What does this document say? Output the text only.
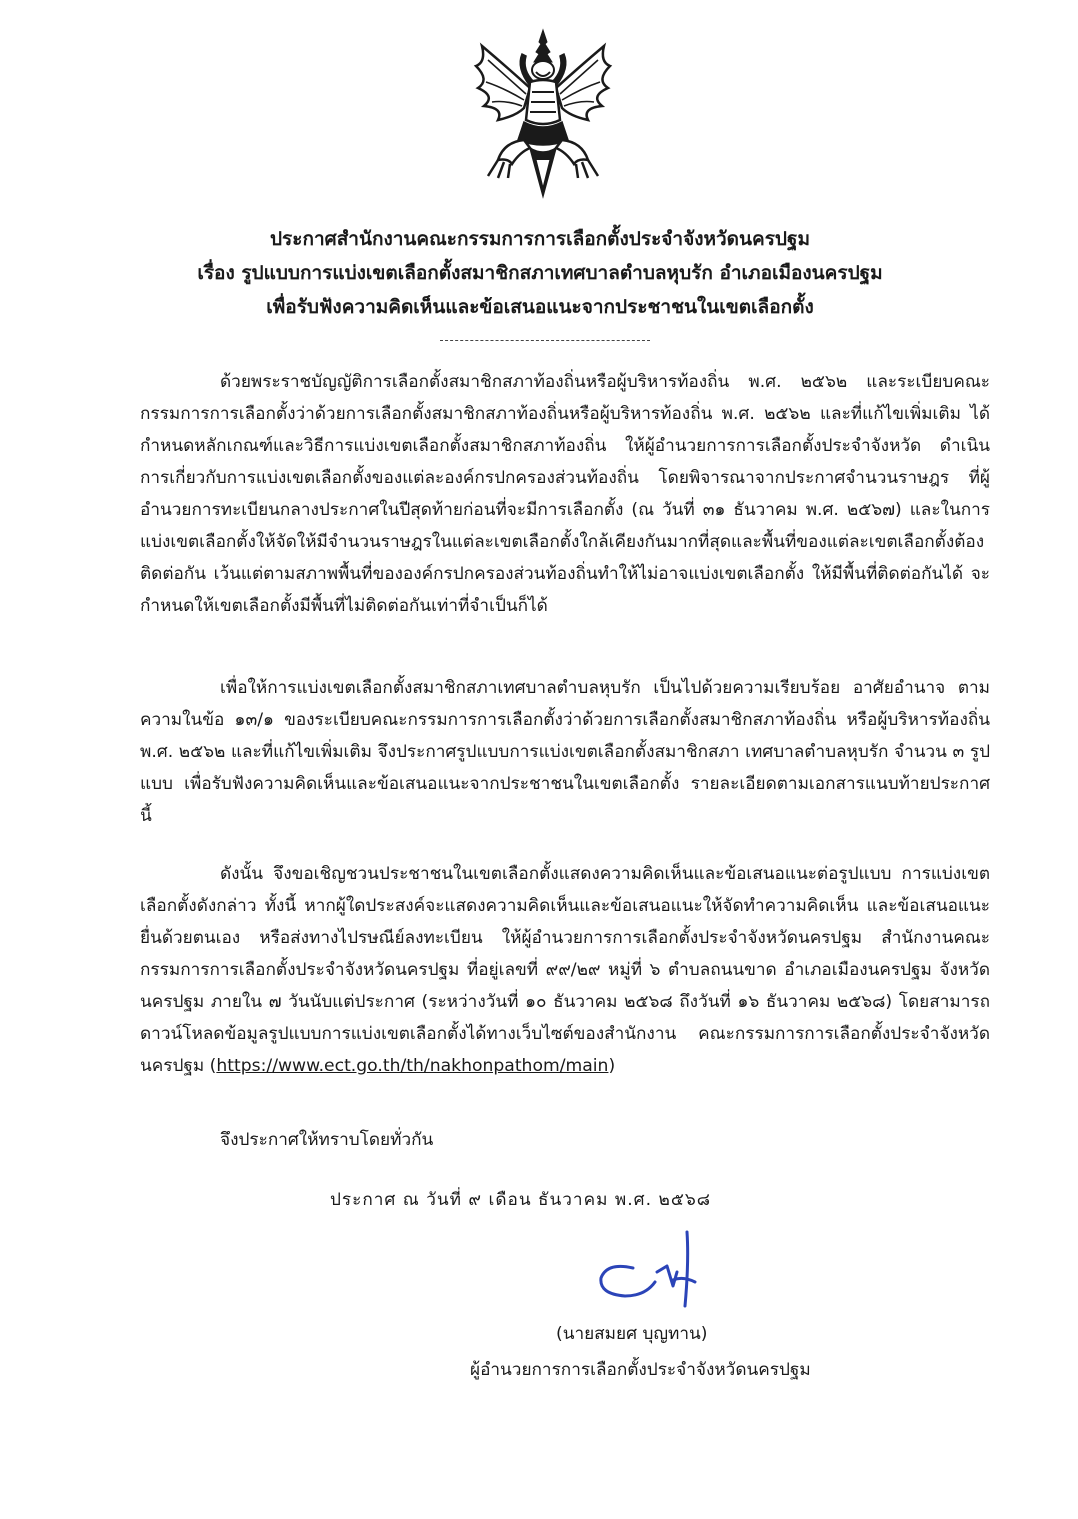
ประกาศสำนักงานคณะกรรมการการเลือกตั้งประจำจังหวัดนครปฐม
เรื่อง รูปแบบการแบ่งเขตเลือกตั้งสมาชิกสภาเทศบาลตำบลหุบรัก อำเภอเมืองนครปฐม
เพื่อรับฟังความคิดเห็นและข้อเสนอแนะจากประชาชนในเขตเลือกตั้ง

ด้วยพระราชบัญญัติการเลือกตั้งสมาชิกสภาท้องถิ่นหรือผู้บริหารท้องถิ่น พ.ศ. ๒๕๖๒ และระเบียบคณะกรรมการการเลือกตั้งว่าด้วยการเลือกตั้งสมาชิกสภาท้องถิ่นหรือผู้บริหารท้องถิ่น พ.ศ. ๒๕๖๒ และที่แก้ไขเพิ่มเติม ได้กำหนดหลักเกณฑ์และวิธีการแบ่งเขตเลือกตั้งสมาชิกสภาท้องถิ่น ให้ผู้อำนวยการการเลือกตั้งประจำจังหวัด ดำเนินการเกี่ยวกับการแบ่งเขตเลือกตั้งของแต่ละองค์กรปกครองส่วนท้องถิ่น โดยพิจารณาจากประกาศจำนวนราษฎร ที่ผู้อำนวยการทะเบียนกลางประกาศในปีสุดท้ายก่อนที่จะมีการเลือกตั้ง (ณ วันที่ ๓๑ ธันวาคม พ.ศ. ๒๕๖๗) และในการแบ่งเขตเลือกตั้งให้จัดให้มีจำนวนราษฎรในแต่ละเขตเลือกตั้งใกล้เคียงกันมากที่สุดและพื้นที่ของแต่ละเขตเลือกตั้งต้องติดต่อกัน เว้นแต่ตามสภาพพื้นที่ขององค์กรปกครองส่วนท้องถิ่นทำให้ไม่อาจแบ่งเขตเลือกตั้ง ให้มีพื้นที่ติดต่อกันได้ จะกำหนดให้เขตเลือกตั้งมีพื้นที่ไม่ติดต่อกันเท่าที่จำเป็นก็ได้

เพื่อให้การแบ่งเขตเลือกตั้งสมาชิกสภาเทศบาลตำบลหุบรัก เป็นไปด้วยความเรียบร้อย อาศัยอำนาจ ตามความในข้อ ๑๓/๑ ของระเบียบคณะกรรมการการเลือกตั้งว่าด้วยการเลือกตั้งสมาชิกสภาท้องถิ่น หรือผู้บริหารท้องถิ่น พ.ศ. ๒๕๖๒ และที่แก้ไขเพิ่มเติม จึงประกาศรูปแบบการแบ่งเขตเลือกตั้งสมาชิกสภา เทศบาลตำบลหุบรัก จำนวน ๓ รูปแบบ เพื่อรับฟังความคิดเห็นและข้อเสนอแนะจากประชาชนในเขตเลือกตั้ง รายละเอียดตามเอกสารแนบท้ายประกาศนี้

ดังนั้น จึงขอเชิญชวนประชาชนในเขตเลือกตั้งแสดงความคิดเห็นและข้อเสนอแนะต่อรูปแบบ การแบ่งเขตเลือกตั้งดังกล่าว ทั้งนี้ หากผู้ใดประสงค์จะแสดงความคิดเห็นและข้อเสนอแนะให้จัดทำความคิดเห็น และข้อเสนอแนะยื่นด้วยตนเอง หรือส่งทางไปรษณีย์ลงทะเบียน ให้ผู้อำนวยการการเลือกตั้งประจำจังหวัดนครปฐม สำนักงานคณะกรรมการการเลือกตั้งประจำจังหวัดนครปฐม ที่อยู่เลขที่ ๙๙/๒๙ หมู่ที่ ๖ ตำบลถนนขาด อำเภอเมืองนครปฐม จังหวัดนครปฐม ภายใน ๗ วันนับแต่ประกาศ (ระหว่างวันที่ ๑๐ ธันวาคม ๒๕๖๘ ถึงวันที่ ๑๖ ธันวาคม ๒๕๖๘) โดยสามารถดาวน์โหลดข้อมูลรูปแบบการแบ่งเขตเลือกตั้งได้ทางเว็บไซต์ของสำนักงาน คณะกรรมการการเลือกตั้งประจำจังหวัดนครปฐม (https://www.ect.go.th/th/nakhonpathom/main)

จึงประกาศให้ทราบโดยทั่วกัน
ประกาศ ณ วันที่ ๙ เดือน ธันวาคม พ.ศ. ๒๕๖๘
(นายสมยศ บุญทาน)
ผู้อำนวยการการเลือกตั้งประจำจังหวัดนครปฐม
